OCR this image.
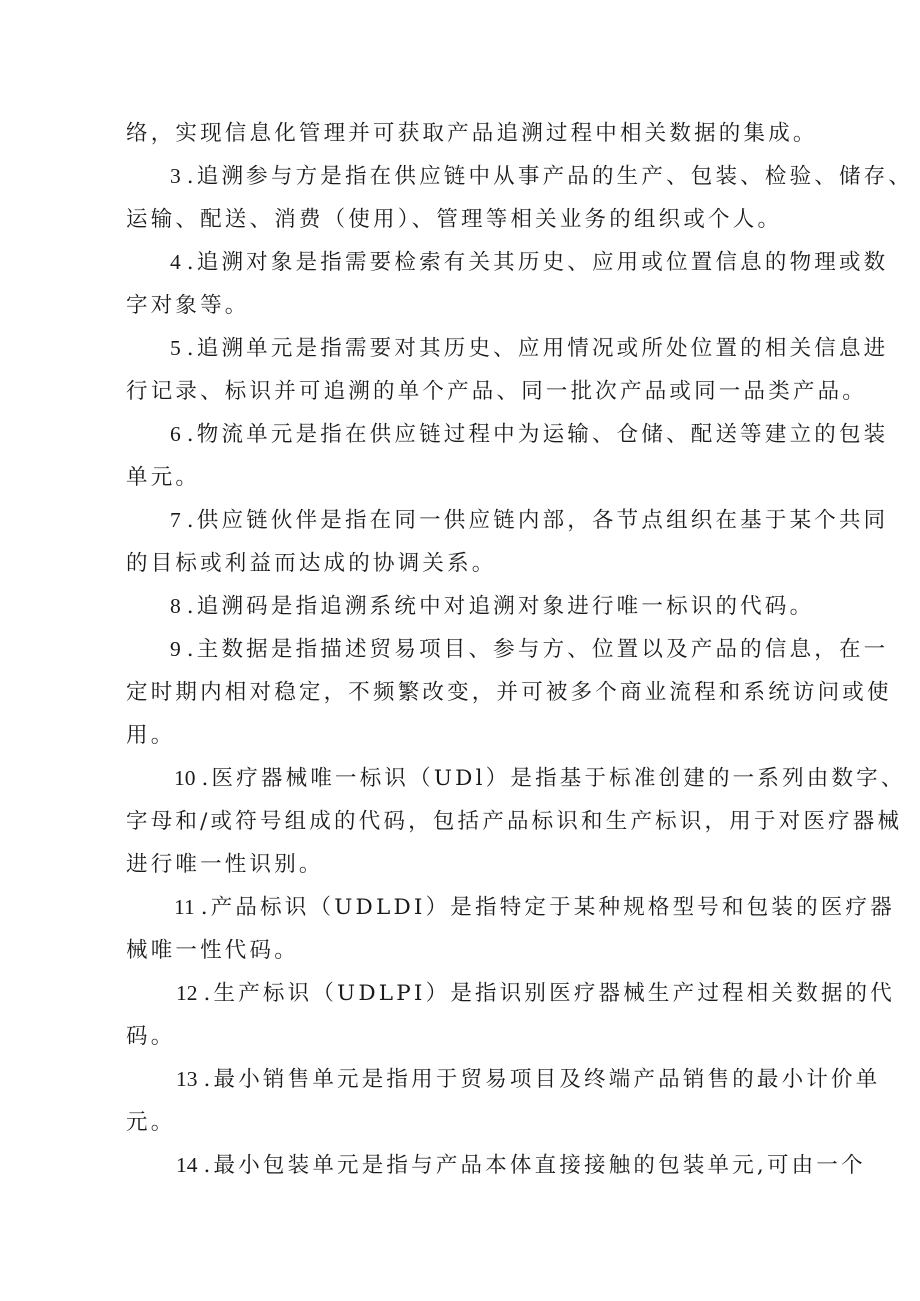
络，实现信息化管理并可获取产品追溯过程中相关数据的集成。
3 .追溯参与方是指在供应链中从事产品的生产、包装、检验、储存、
运输、配送、消费（使用）、管理等相关业务的组织或个人。
4 .追溯对象是指需要检索有关其历史、应用或位置信息的物理或数
字对象等。
5 .追溯单元是指需要对其历史、应用情况或所处位置的相关信息进
行记录、标识并可追溯的单个产品、同一批次产品或同一品类产品。
6 .物流单元是指在供应链过程中为运输、仓储、配送等建立的包装
单元。
7 .供应链伙伴是指在同一供应链内部，各节点组织在基于某个共同
的目标或利益而达成的协调关系。
8 .追溯码是指追溯系统中对追溯对象进行唯一标识的代码。
9 .主数据是指描述贸易项目、参与方、位置以及产品的信息，在一
定时期内相对稳定，不频繁改变，并可被多个商业流程和系统访问或使
用。
10 .医疗器械唯一标识（UDl）是指基于标准创建的一系列由数字、
字母和/或符号组成的代码，包括产品标识和生产标识，用于对医疗器械
进行唯一性识别。
11 .产品标识（UDLDI）是指特定于某种规格型号和包装的医疗器
械唯一性代码。
12 .生产标识（UDLPI）是指识别医疗器械生产过程相关数据的代
码。
13 .最小销售单元是指用于贸易项目及终端产品销售的最小计价单
元。
14 .最小包装单元是指与产品本体直接接触的包装单元,可由一个
